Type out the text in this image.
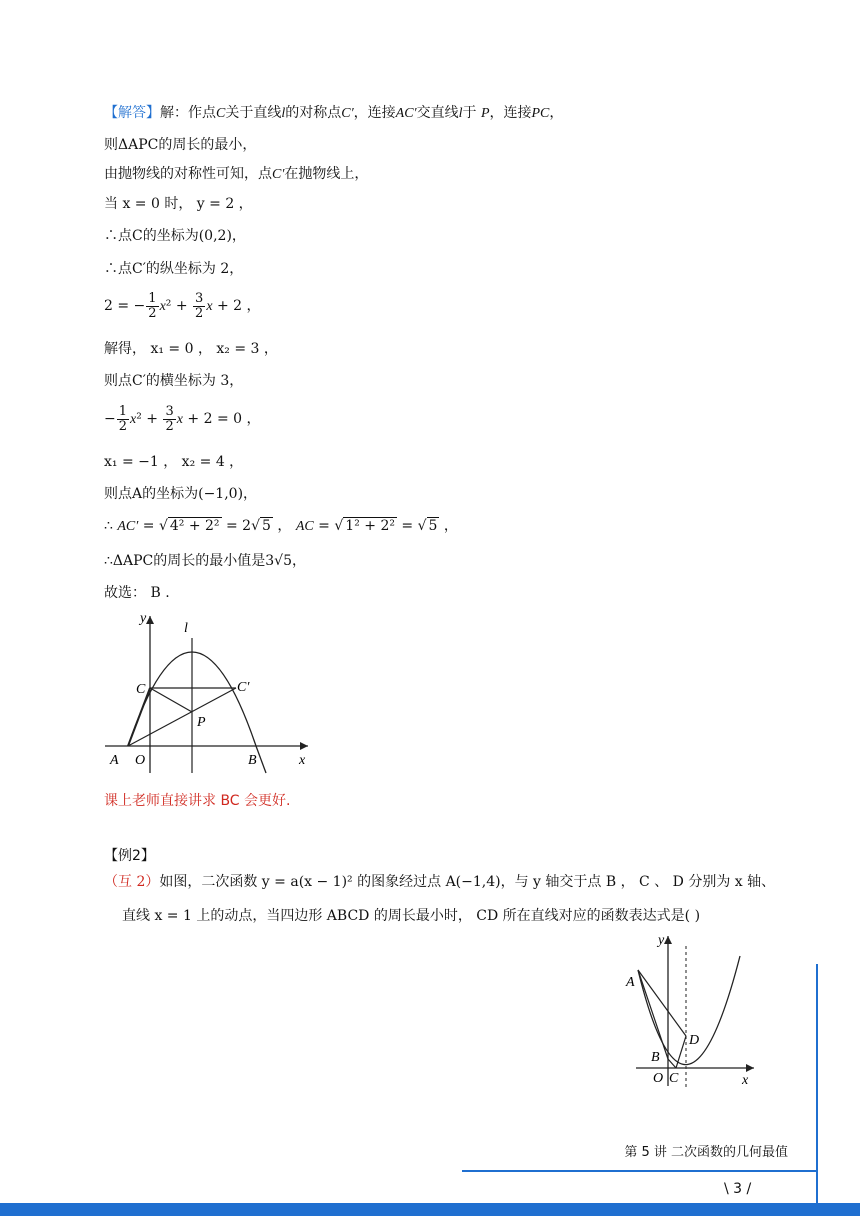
【解答】解：作点C关于直线l的对称点C′，连接AC′交直线l于 P，连接PC，
则ΔAPC的周长的最小，
由抛物线的对称性可知，点C′在抛物线上，
当 x = 0 时， y = 2 ，
∴点C的坐标为(0,2)，
∴点C′的纵坐标为 2，
2 = − $\frac{1}{2} x^2 + \frac{3}{2}$ x + 2 ，
解得， x₁ = 0 ， x₂ = 3 ，
则点C′的横坐标为 3，
− $\frac{1}{2} x^2 + \frac{3}{2}$ x + 2 = 0 ，
x₁ = −1 ， x₂ = 4 ，
则点A的坐标为(−1,0)，
∴ AC′ = √ 4² + 2² = 2√ 5 ， AC = √ 1² + 2² = √ 5 ，
∴ΔAPC的周长的最小值是3√5，
故选： B .
y
l
C	C′
P
A O	B	x
课上老师直接讲求 BC 会更好.
【例2】
（互 2）如图，二次函数 y = a(x − 1)² 的图象经过点 A(−1,4)，与 y 轴交于点 B ， C 、 D 分别为 x 轴、
直线 x = 1 上的动点，当四边形 ABCD 的周长最小时， CD 所在直线对应的函数表达式是( )
y
A
B
D
O C	x
第 5 讲 二次函数的几何最值
\ 3 /
